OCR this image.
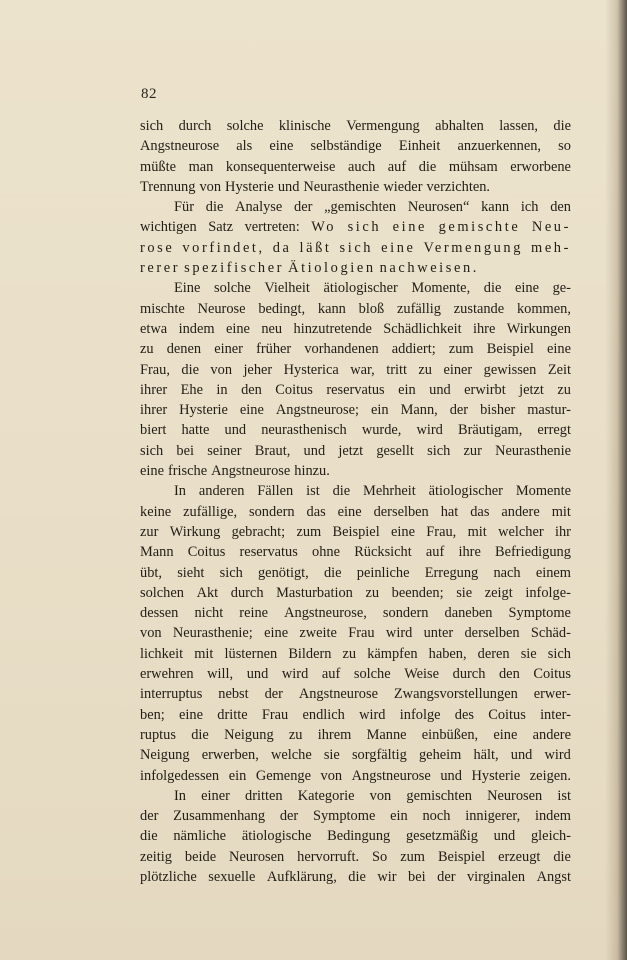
82
sich durch solche klinische Vermengung abhalten lassen, die
Angstneurose als eine selbständige Einheit anzuerkennen, so
müßte man konsequenterweise auch auf die mühsam erworbene
Trennung von Hysterie und Neurasthenie wieder verzichten.
Für die Analyse der „gemischten Neurosen“ kann ich den
wichtigen Satz vertreten: Wo sich eine gemischte Neu-
rose vorfindet, da läßt sich eine Vermengung meh-
rerer spezifischer Ätiologien nachweisen.
Eine solche Vielheit ätiologischer Momente, die eine ge-
mischte Neurose bedingt, kann bloß zufällig zustande kommen,
etwa indem eine neu hinzutretende Schädlichkeit ihre Wirkungen
zu denen einer früher vorhandenen addiert; zum Beispiel eine
Frau, die von jeher Hysterica war, tritt zu einer gewissen Zeit
ihrer Ehe in den Coitus reservatus ein und erwirbt jetzt zu
ihrer Hysterie eine Angstneurose; ein Mann, der bisher mastur-
biert hatte und neurasthenisch wurde, wird Bräutigam, erregt
sich bei seiner Braut, und jetzt gesellt sich zur Neurasthenie
eine frische Angstneurose hinzu.
In anderen Fällen ist die Mehrheit ätiologischer Momente
keine zufällige, sondern das eine derselben hat das andere mit
zur Wirkung gebracht; zum Beispiel eine Frau, mit welcher ihr
Mann Coitus reservatus ohne Rücksicht auf ihre Befriedigung
übt, sieht sich genötigt, die peinliche Erregung nach einem
solchen Akt durch Masturbation zu beenden; sie zeigt infolge-
dessen nicht reine Angstneurose, sondern daneben Symptome
von Neurasthenie; eine zweite Frau wird unter derselben Schäd-
lichkeit mit lüsternen Bildern zu kämpfen haben, deren sie sich
erwehren will, und wird auf solche Weise durch den Coitus
interruptus nebst der Angstneurose Zwangsvorstellungen erwer-
ben; eine dritte Frau endlich wird infolge des Coitus inter-
ruptus die Neigung zu ihrem Manne einbüßen, eine andere
Neigung erwerben, welche sie sorgfältig geheim hält, und wird
infolgedessen ein Gemenge von Angstneurose und Hysterie zeigen.
In einer dritten Kategorie von gemischten Neurosen ist
der Zusammenhang der Symptome ein noch innigerer, indem
die nämliche ätiologische Bedingung gesetzmäßig und gleich-
zeitig beide Neurosen hervorruft. So zum Beispiel erzeugt die
plötzliche sexuelle Aufklärung, die wir bei der virginalen Angst
